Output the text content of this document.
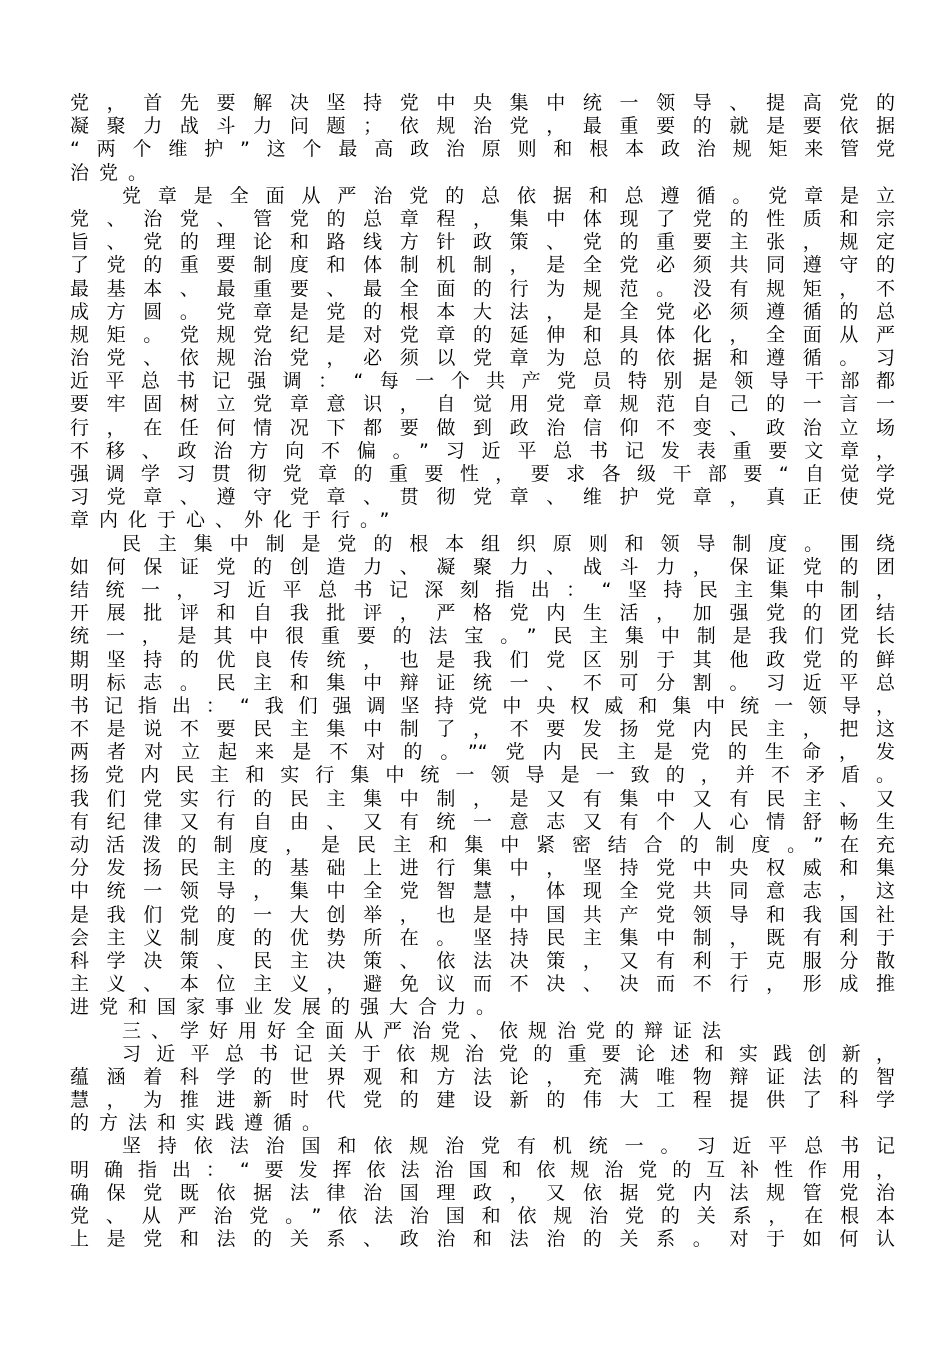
党，首先要解决坚持党中央集中统一领导、提高党的
凝聚力战斗力问题；依规治党，最重要的就是要依据
“两个维护”这个最高政治原则和根本政治规矩来管党
治党。
党章是全面从严治党的总依据和总遵循。党章是立
党、治党、管党的总章程，集中体现了党的性质和宗
旨、党的理论和路线方针政策、党的重要主张，规定
了党的重要制度和体制机制，是全党必须共同遵守的
最基本、最重要、最全面的行为规范。没有规矩，不
成方圆。党章是党的根本大法，是全党必须遵循的总
规矩。党规党纪是对党章的延伸和具体化，全面从严
治党、依规治党，必须以党章为总的依据和遵循。习
近平总书记强调：“每一个共产党员特别是领导干部都
要牢固树立党章意识，自觉用党章规范自己的一言一
行，在任何情况下都要做到政治信仰不变、政治立场
不移、政治方向不偏。”习近平总书记发表重要文章，
强调学习贯彻党章的重要性，要求各级干部要“自觉学
习党章、遵守党章、贯彻党章、维护党章，真正使党
章内化于心、外化于行。”
民主集中制是党的根本组织原则和领导制度。围绕
如何保证党的创造力、凝聚力、战斗力，保证党的团
结统一，习近平总书记深刻指出：“坚持民主集中制，
开展批评和自我批评，严格党内生活，加强党的团结
统一，是其中很重要的法宝。”民主集中制是我们党长
期坚持的优良传统，也是我们党区别于其他政党的鲜
明标志。民主和集中辩证统一、不可分割。习近平总
书记指出：“我们强调坚持党中央权威和集中统一领导，
不是说不要民主集中制了，不要发扬党内民主，把这
两者对立起来是不对的。”“党内民主是党的生命，发
扬党内民主和实行集中统一领导是一致的，并不矛盾。
我们党实行的民主集中制，是又有集中又有民主、又
有纪律又有自由、又有统一意志又有个人心情舒畅生
动活泼的制度，是民主和集中紧密结合的制度。”在充
分发扬民主的基础上进行集中，坚持党中央权威和集
中统一领导，集中全党智慧，体现全党共同意志，这
是我们党的一大创举，也是中国共产党领导和我国社
会主义制度的优势所在。坚持民主集中制，既有利于
科学决策、民主决策、依法决策，又有利于克服分散
主义、本位主义，避免议而不决、决而不行，形成推
进党和国家事业发展的强大合力。
三、学好用好全面从严治党、依规治党的辩证法
习近平总书记关于依规治党的重要论述和实践创新，
蕴涵着科学的世界观和方法论，充满唯物辩证法的智
慧，为推进新时代党的建设新的伟大工程提供了科学
的方法和实践遵循。
坚持依法治国和依规治党有机统一。习近平总书记
明确指出：“要发挥依法治国和依规治党的互补性作用，
确保党既依据法律治国理政，又依据党内法规管党治
党、从严治党。”依法治国和依规治党的关系，在根本
上是党和法的关系、政治和法治的关系。对于如何认
